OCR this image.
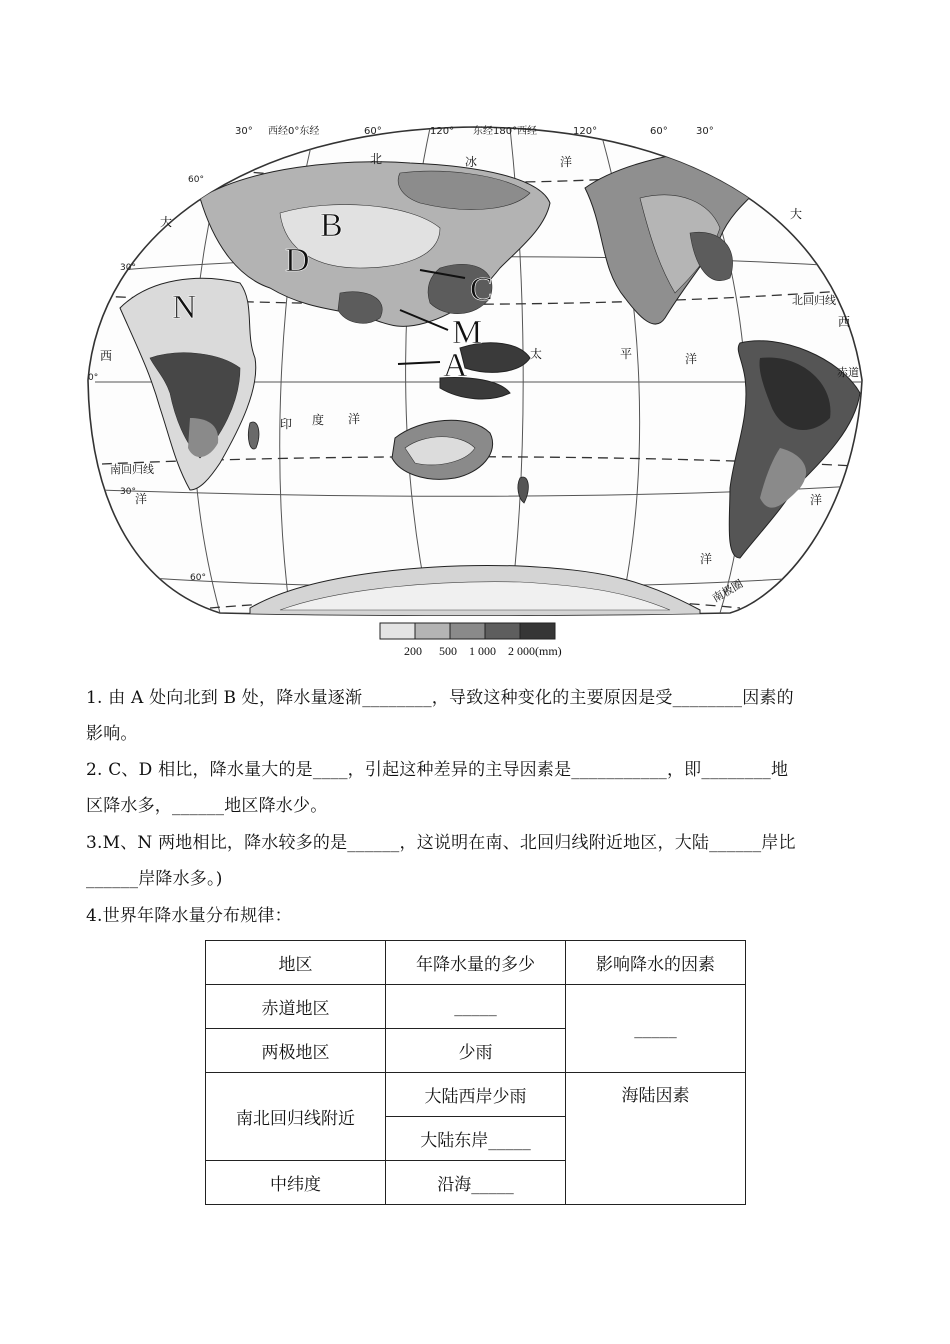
30° 西经0°东经	60°	120° 东经180°西经	120°	60°	30°
60°
30°
0°
30°
60°
北回归线
赤道
南回归线
南极圈
北	冰	洋
大
西
洋
大
西
洋
太	平	洋
印 度 洋
洋
A
B
C
D
M
N
200 500 1 000 2 000(mm)
1. 由 A 处向北到 B 处，降水量逐渐________，导致这种变化的主要原因是受________因素的
影响。
2. C、D 相比，降水量大的是____，引起这种差异的主导因素是___________，即________地
区降水多，______地区降水少。
3.M、N 两地相比，降水较多的是______，这说明在南、北回归线附近地区，大陆______岸比
______岸降水多。)
4.世界年降水量分布规律：
地区	年降水量的多少	影响降水的因素
赤道地区	_____	_____
两极地区	少雨	
南北回归线附近	大陆西岸少雨	海陆因素
	大陆东岸_____	
中纬度	沿海_____	
